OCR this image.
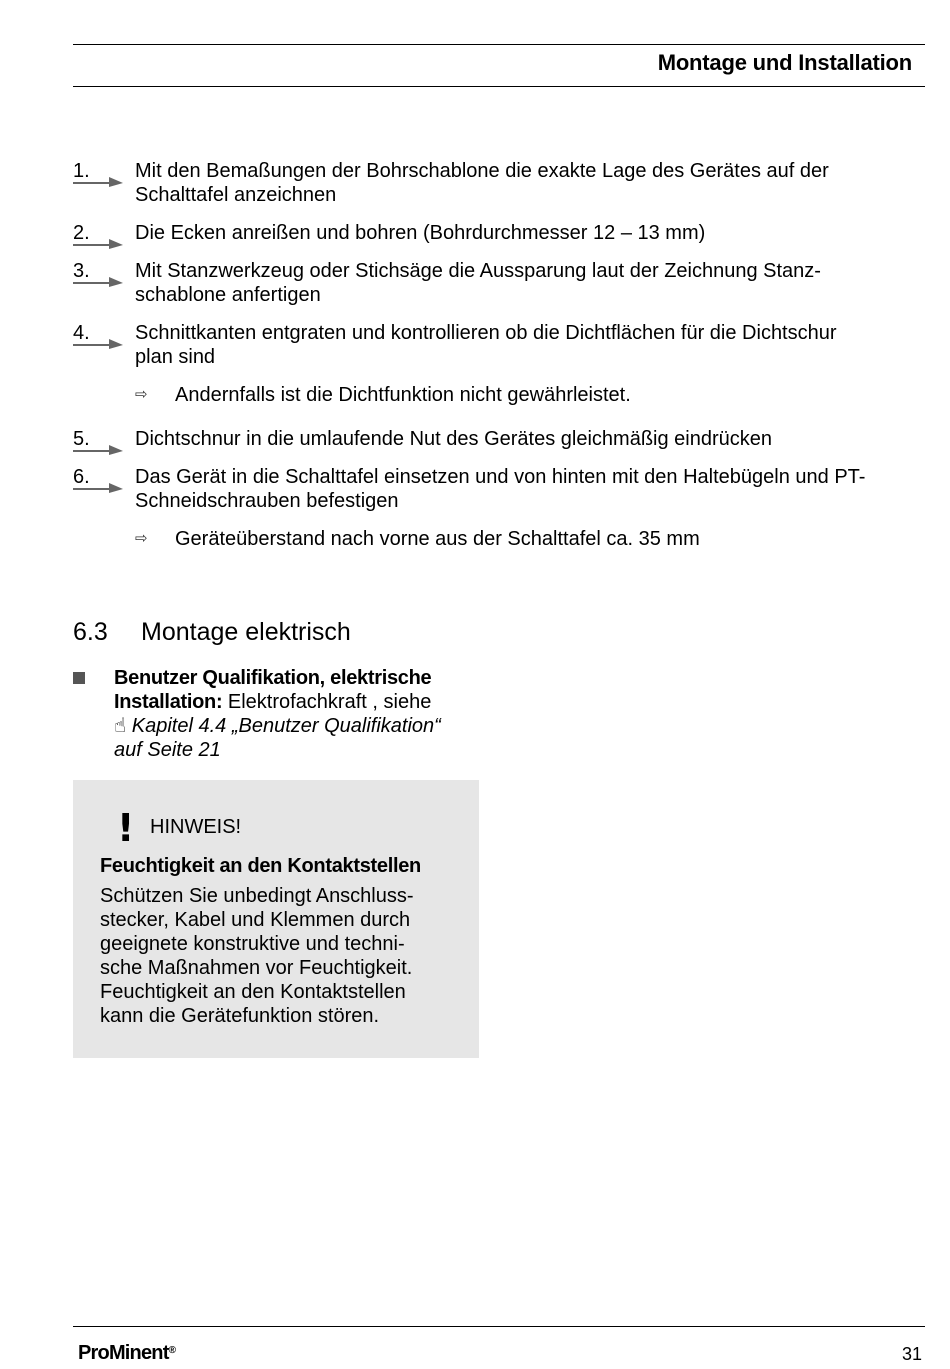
Montage und Installation
1.	Mit den Bemaßungen der Bohrschablone die exakte Lage des Gerätes auf der
Schalttafel anzeichnen
2.	Die Ecken anreißen und bohren (Bohrdurchmesser 12 – 13 mm)
3.	Mit Stanzwerkzeug oder Stichsäge die Aussparung laut der Zeichnung Stanz-
schablone anfertigen
4.	Schnittkanten entgraten und kontrollieren ob die Dichtflächen für die Dichtschur
plan sind
⇨ Andernfalls ist die Dichtfunktion nicht gewährleistet.
5.	Dichtschnur in die umlaufende Nut des Gerätes gleichmäßig eindrücken
6.	Das Gerät in die Schalttafel einsetzen und von hinten mit den Haltebügeln und PT-
Schneidschrauben befestigen
⇨ Geräteüberstand nach vorne aus der Schalttafel ca. 35 mm
6.3 Montage elektrisch
Benutzer Qualifikation, elektrische
Installation: Elektrofachkraft , siehe
☝ Kapitel 4.4 „Benutzer Qualifikation“
auf Seite 21
! HINWEIS!
Feuchtigkeit an den Kontaktstellen
Schützen Sie unbedingt Anschluss-
stecker, Kabel und Klemmen durch
geeignete konstruktive und techni-
sche Maßnahmen vor Feuchtigkeit.
Feuchtigkeit an den Kontaktstellen
kann die Gerätefunktion stören.
ProMinent®	31
